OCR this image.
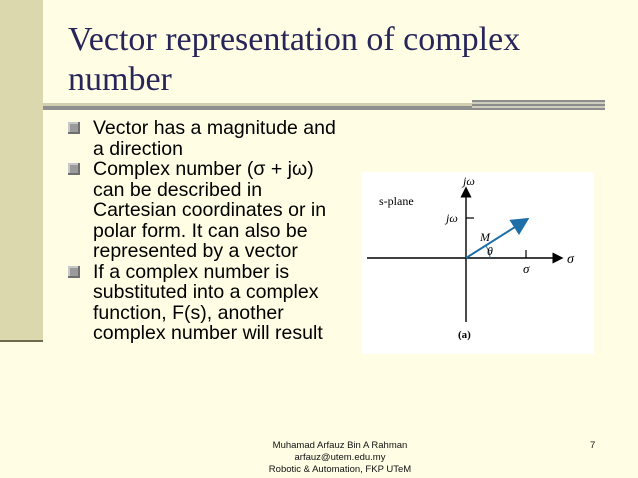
Vector representation of complex number
Vector has a magnitude and a direction
Complex number (σ + jω) can be described in Cartesian coordinates or in polar form. It can also be represented by a vector
If a complex number is substituted into a complex function, F(s), another complex number will result
jω
s-plane
jω
M
θ
σ
σ
(a)
Muhamad Arfauz Bin A Rahman
arfauz@utem.edu.my
Robotic & Automation, FKP UTeM
7
